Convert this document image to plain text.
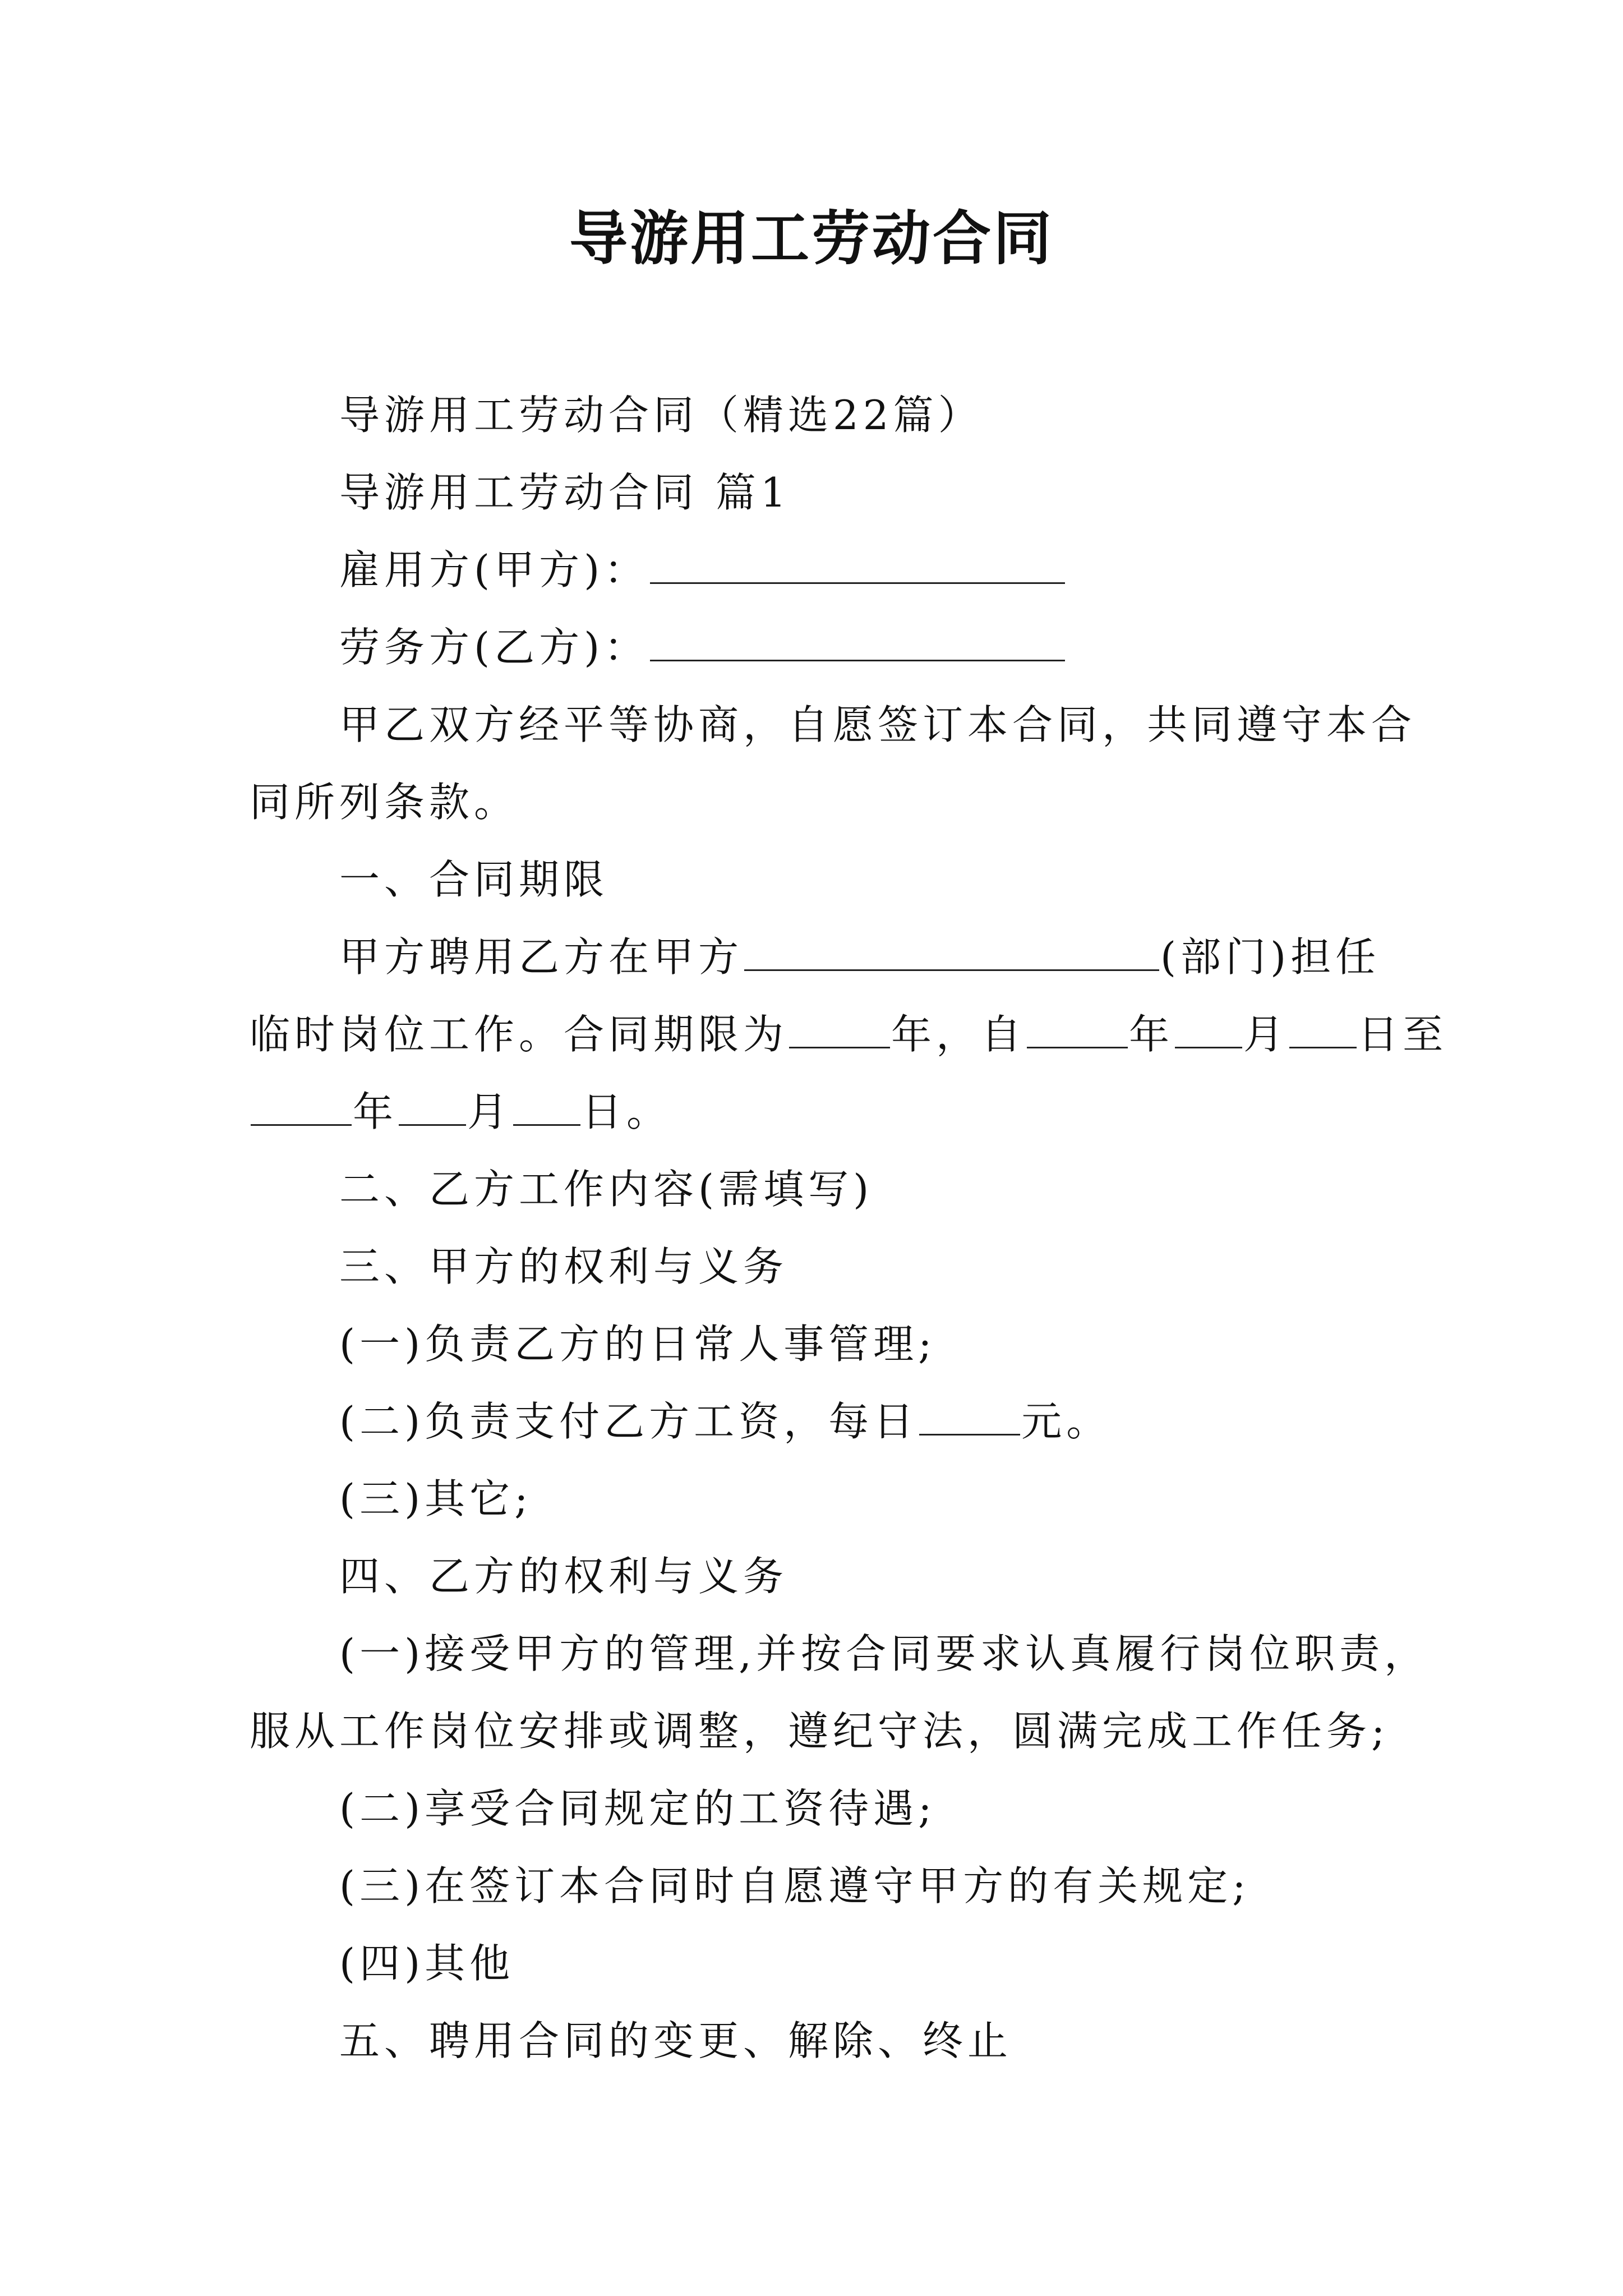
导游用工劳动合同
导游用工劳动合同（精选22篇）
导游用工劳动合同 篇1
雇用方(甲方)：
劳务方(乙方)：
甲乙双方经平等协商，自愿签订本合同，共同遵守本合
同所列条款。
一、合同期限
甲方聘用乙方在甲方	(部门)担任
临时岗位工作。合同期限为	年，自	年 月 日至
年 月 日。
二、乙方工作内容(需填写)
三、甲方的权利与义务
(一)负责乙方的日常人事管理;
(二)负责支付乙方工资，每日	元。
(三)其它;
四、乙方的权利与义务
(一)接受甲方的管理,并按合同要求认真履行岗位职责，
服从工作岗位安排或调整，遵纪守法，圆满完成工作任务;
(二)享受合同规定的工资待遇;
(三)在签订本合同时自愿遵守甲方的有关规定;
(四)其他
五、聘用合同的变更、解除、终止
